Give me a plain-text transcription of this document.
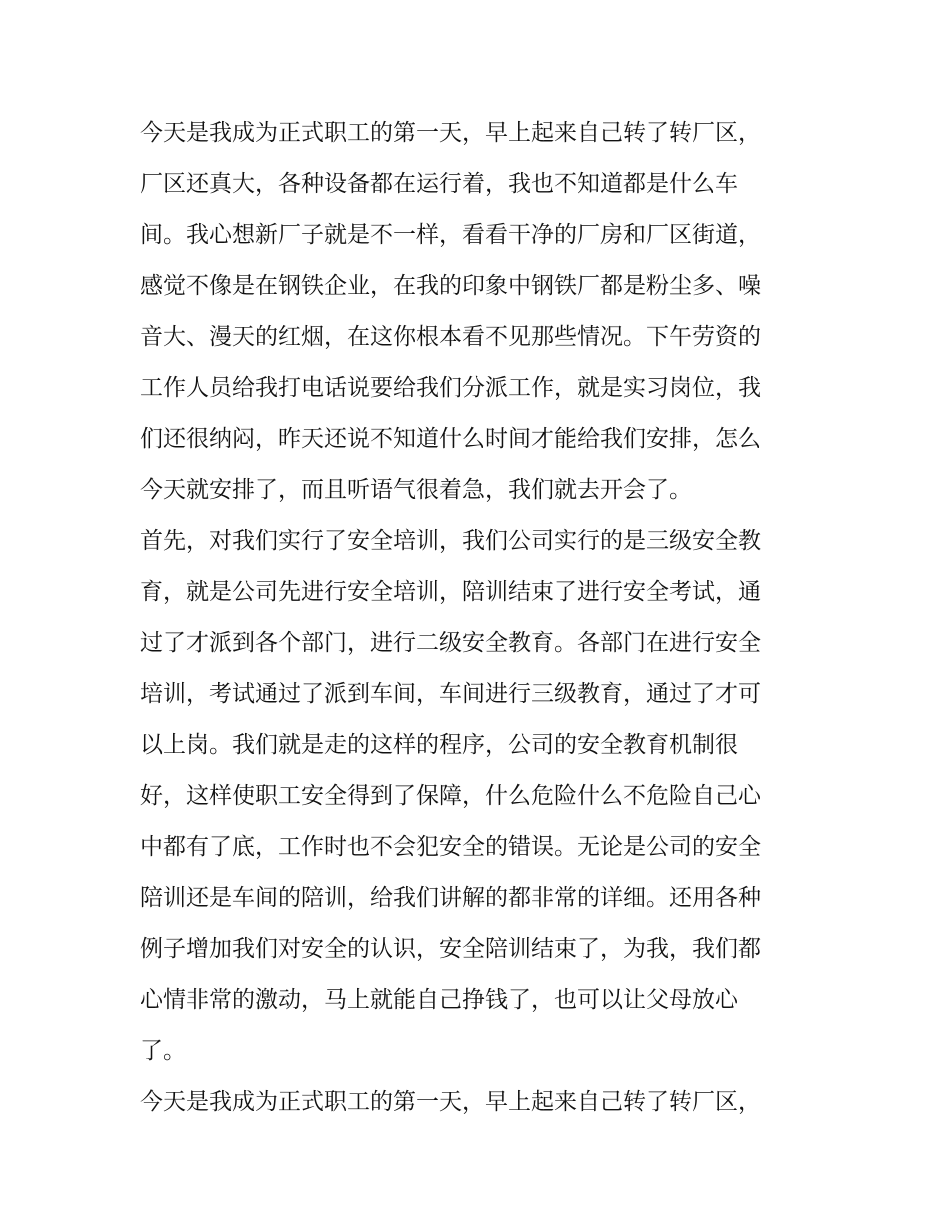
今天是我成为正式职工的第一天，早上起来自己转了转厂区，
厂区还真大，各种设备都在运行着，我也不知道都是什么车
间。我心想新厂子就是不一样，看看干净的厂房和厂区街道，
感觉不像是在钢铁企业，在我的印象中钢铁厂都是粉尘多、噪
音大、漫天的红烟，在这你根本看不见那些情况。下午劳资的
工作人员给我打电话说要给我们分派工作，就是实习岗位，我
们还很纳闷，昨天还说不知道什么时间才能给我们安排，怎么
今天就安排了，而且听语气很着急，我们就去开会了。
首先，对我们实行了安全培训，我们公司实行的是三级安全教
育，就是公司先进行安全培训，陪训结束了进行安全考试，通
过了才派到各个部门，进行二级安全教育。各部门在进行安全
培训，考试通过了派到车间，车间进行三级教育，通过了才可
以上岗。我们就是走的这样的程序，公司的安全教育机制很
好，这样使职工安全得到了保障，什么危险什么不危险自己心
中都有了底，工作时也不会犯安全的错误。无论是公司的安全
陪训还是车间的陪训，给我们讲解的都非常的详细。还用各种
例子增加我们对安全的认识，安全陪训结束了，为我，我们都
心情非常的激动，马上就能自己挣钱了，也可以让父母放心
了。
今天是我成为正式职工的第一天，早上起来自己转了转厂区，
